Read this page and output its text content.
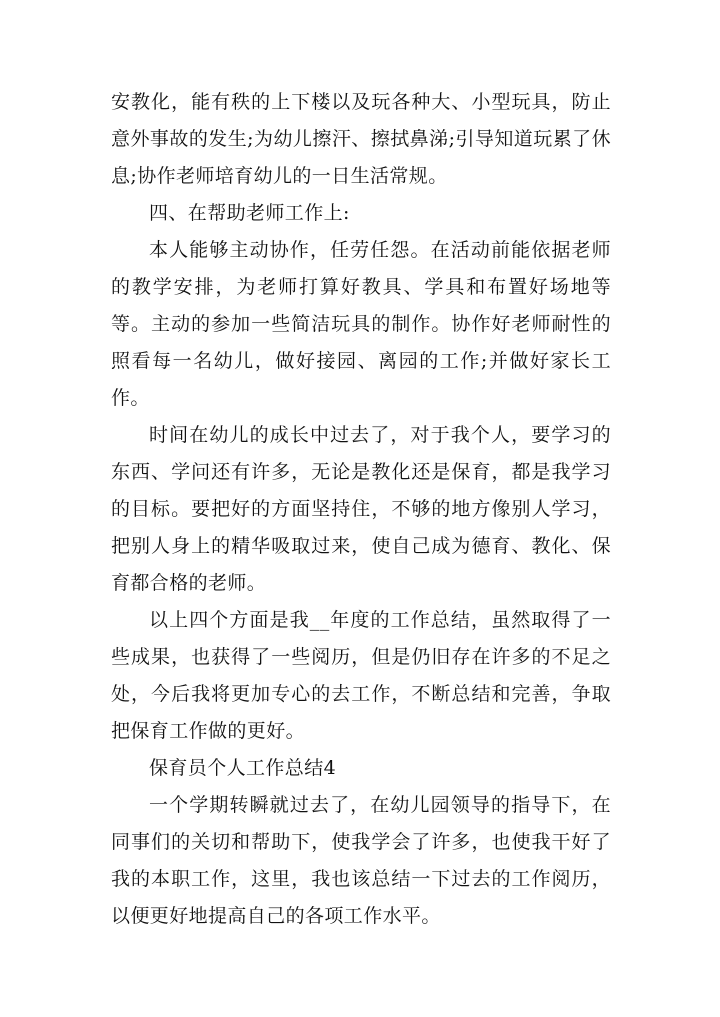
安教化，能有秩的上下楼以及玩各种大、小型玩具，防止意外事故的发生;为幼儿擦汗、擦拭鼻涕;引导知道玩累了休息;协作老师培育幼儿的一日生活常规。

四、在帮助老师工作上:

本人能够主动协作，任劳任怨。在活动前能依据老师的教学安排，为老师打算好教具、学具和布置好场地等等。主动的参加一些简洁玩具的制作。协作好老师耐性的照看每一名幼儿，做好接园、离园的工作;并做好家长工作。

时间在幼儿的成长中过去了，对于我个人，要学习的东西、学问还有许多，无论是教化还是保育，都是我学习的目标。要把好的方面坚持住，不够的地方像别人学习，把别人身上的精华吸取过来，使自己成为德育、教化、保育都合格的老师。

以上四个方面是我__年度的工作总结，虽然取得了一些成果，也获得了一些阅历，但是仍旧存在许多的不足之处，今后我将更加专心的去工作，不断总结和完善，争取把保育工作做的更好。

保育员个人工作总结4

一个学期转瞬就过去了，在幼儿园领导的指导下，在同事们的关切和帮助下，使我学会了许多，也使我干好了我的本职工作，这里，我也该总结一下过去的工作阅历，以便更好地提高自己的各项工作水平。
